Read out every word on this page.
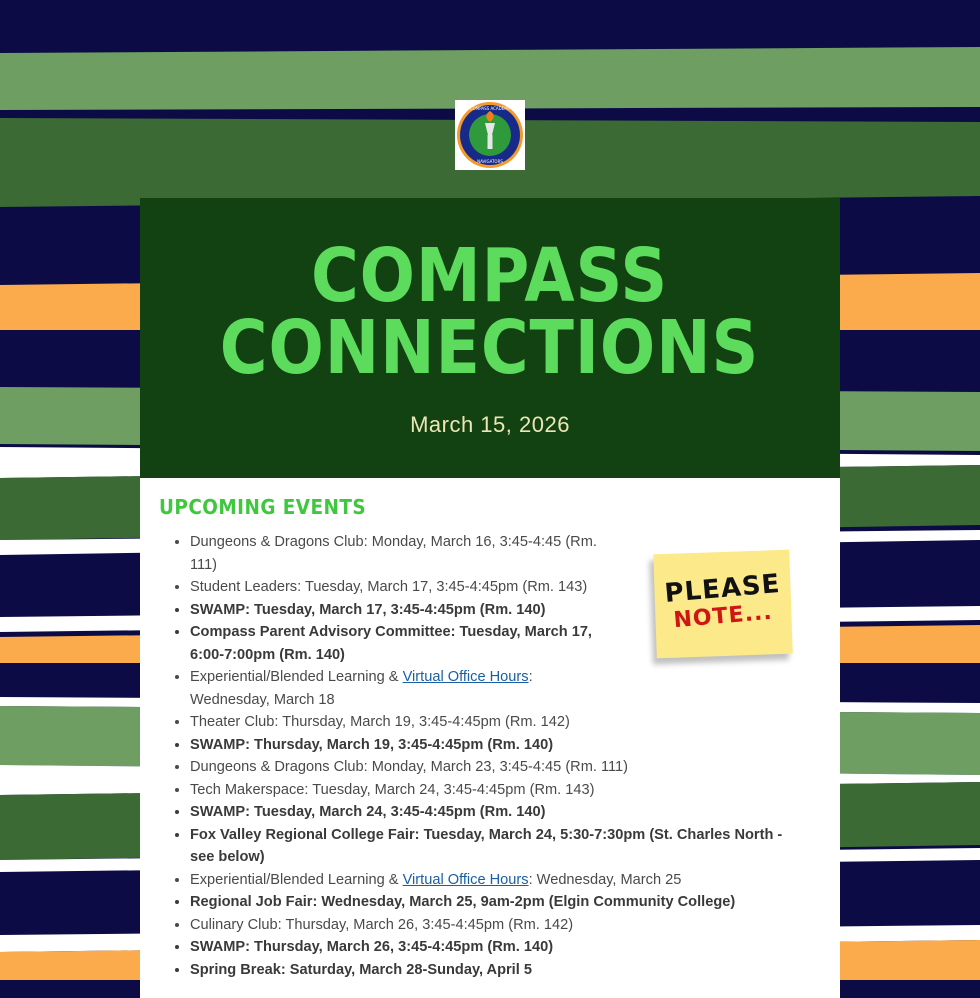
NAVIGATORS
COMPASS ACADEMY
COMPASS
CONNECTIONS
March 15, 2026
UPCOMING EVENTS
PLEASE
NOTE...
• Dungeons & Dragons Club: Monday, March 16, 3:45-4:45 (Rm. 111)
• Student Leaders: Tuesday, March 17, 3:45-4:45pm (Rm. 143)
• SWAMP: Tuesday, March 17, 3:45-4:45pm (Rm. 140)
• Compass Parent Advisory Committee: Tuesday, March 17, 6:00-7:00pm (Rm. 140)
• Experiential/Blended Learning & Virtual Office Hours: Wednesday, March 18
• Theater Club: Thursday, March 19, 3:45-4:45pm (Rm. 142)
• SWAMP: Thursday, March 19, 3:45-4:45pm (Rm. 140)
• Dungeons & Dragons Club: Monday, March 23, 3:45-4:45 (Rm. 111)
• Tech Makerspace: Tuesday, March 24, 3:45-4:45pm (Rm. 143)
• SWAMP: Tuesday, March 24, 3:45-4:45pm (Rm. 140)
• Fox Valley Regional College Fair: Tuesday, March 24, 5:30-7:30pm (St. Charles North - see below)
• Experiential/Blended Learning & Virtual Office Hours: Wednesday, March 25
• Regional Job Fair: Wednesday, March 25, 9am-2pm (Elgin Community College)
• Culinary Club: Thursday, March 26, 3:45-4:45pm (Rm. 142)
• SWAMP: Thursday, March 26, 3:45-4:45pm (Rm. 140)
• Spring Break: Saturday, March 28-Sunday, April 5
